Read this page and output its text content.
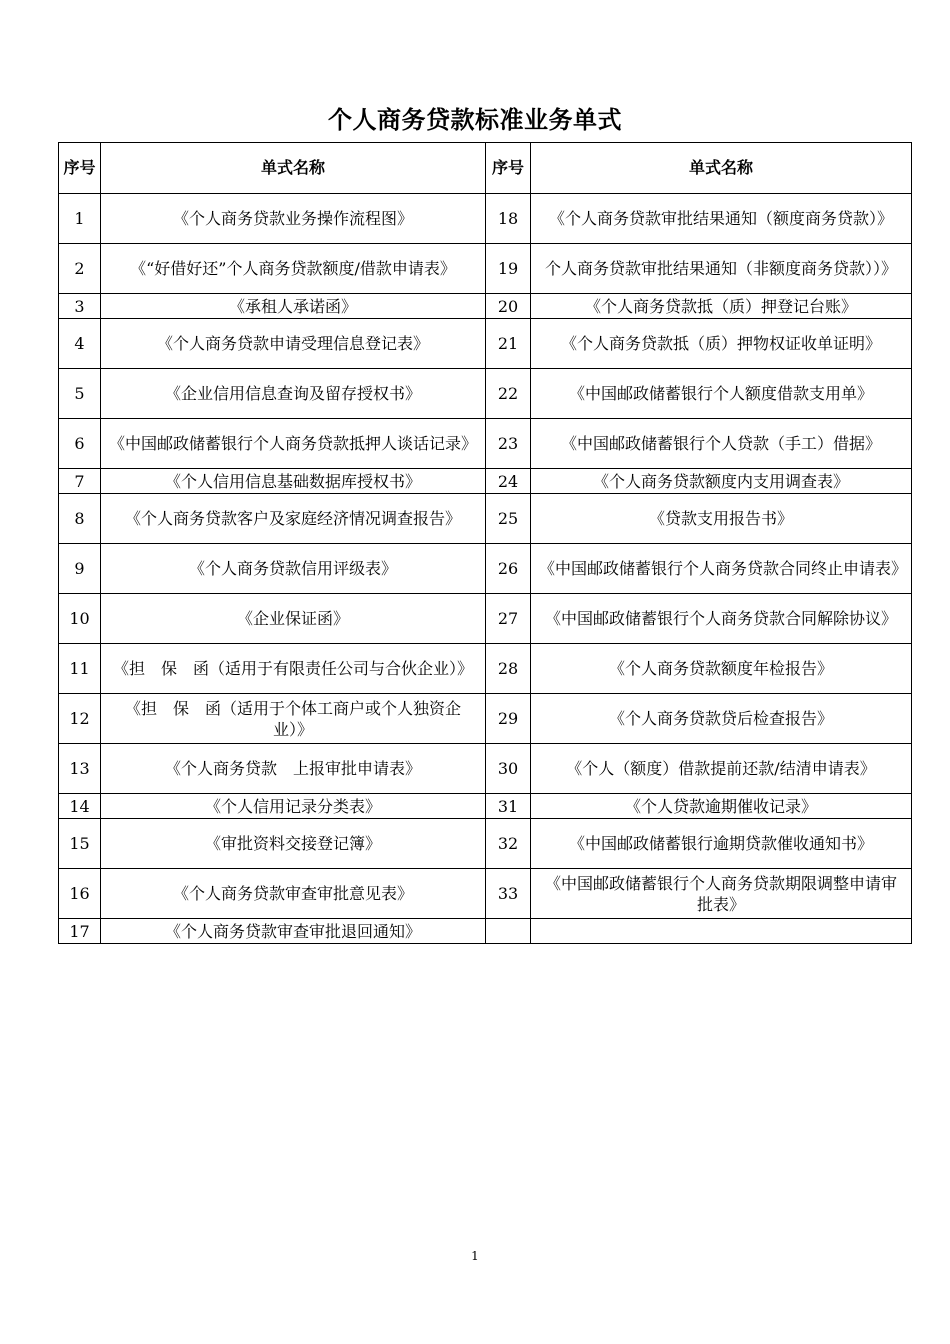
个人商务贷款标准业务单式
序号	单式名称	序号	单式名称
1	《个人商务贷款业务操作流程图》	18	《个人商务贷款审批结果通知（额度商务贷款）》
2	《“好借好还”个人商务贷款额度/借款申请表》	19	个人商务贷款审批结果通知（非额度商务贷款））》
3	《承租人承诺函》	20	《个人商务贷款抵（质）押登记台账》
4	《个人商务贷款申请受理信息登记表》	21	《个人商务贷款抵（质）押物权证收单证明》
5	《企业信用信息查询及留存授权书》	22	《中国邮政储蓄银行个人额度借款支用单》
6	《中国邮政储蓄银行个人商务贷款抵押人谈话记录》	23	《中国邮政储蓄银行个人贷款（手工）借据》
7	《个人信用信息基础数据库授权书》	24	《个人商务贷款额度内支用调查表》
8	《个人商务贷款客户及家庭经济情况调查报告》	25	《贷款支用报告书》
9	《个人商务贷款信用评级表》	26	《中国邮政储蓄银行个人商务贷款合同终止申请表》
10	《企业保证函》	27	《中国邮政储蓄银行个人商务贷款合同解除协议》
11	《担　保　函（适用于有限责任公司与合伙企业）》	28	《个人商务贷款额度年检报告》
12	《担　保　函（适用于个体工商户或个人独资企业）》	29	《个人商务贷款贷后检查报告》
13	《个人商务贷款　上报审批申请表》	30	《个人（额度）借款提前还款/结清申请表》
14	《个人信用记录分类表》	31	《个人贷款逾期催收记录》
15	《审批资料交接登记簿》	32	《中国邮政储蓄银行逾期贷款催收通知书》
16	《个人商务贷款审查审批意见表》	33	《中国邮政储蓄银行个人商务贷款期限调整申请审批表》
17	《个人商务贷款审查审批退回通知》		
1
